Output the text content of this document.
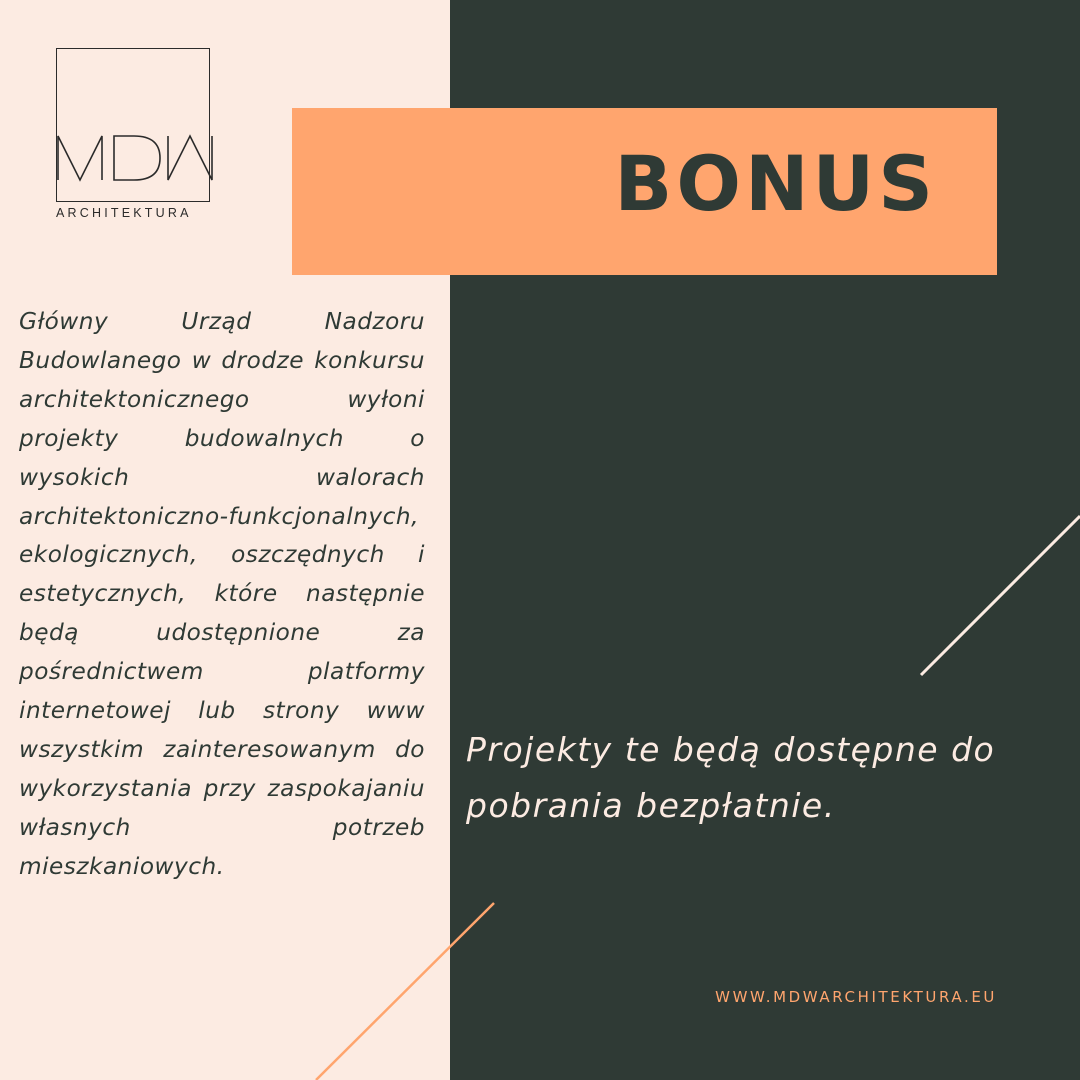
ARCHITEKTURA	BONUS

Główny Urząd Nadzoru Budowlanego w drodze konkursu architektonicznego wyłoni projekty budowalnych o wysokich walorach architektoniczno-funkcjonalnych, ekologicznych, oszczędnych i estetycznych, które następnie będą udostępnione za pośrednictwem platformy internetowej lub strony www wszystkim zainteresowanym do wykorzystania przy zaspokajaniu własnych potrzeb mieszkaniowych.

Projekty te będą dostępne do pobrania bezpłatnie.

WWW.MDWARCHITEKTURA.EU
